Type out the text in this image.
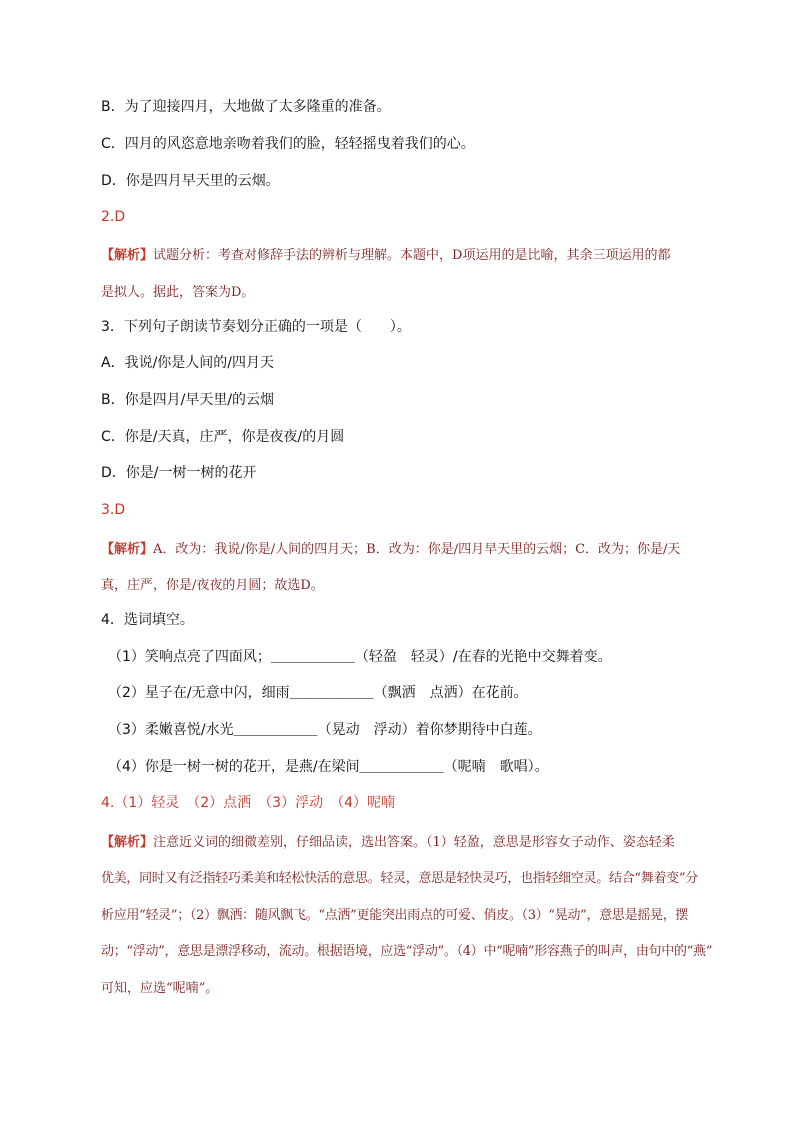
B．为了迎接四月，大地做了太多隆重的准备。
C．四月的风恣意地亲吻着我们的脸，轻轻摇曳着我们的心。
D．你是四月早天里的云烟。
2.D
【解析】试题分析：考查对修辞手法的辨析与理解。本题中，D项运用的是比喻，其余三项运用的都
是拟人。据此，答案为D。
3．下列句子朗读节奏划分正确的一项是（　　）。
A．我说/你是人间的/四月天
B．你是四月/早天里/的云烟
C．你是/天真，庄严，你是夜夜/的月圆
D．你是/一树一树的花开
3.D
【解析】A．改为：我说/你是/人间的四月天；B．改为：你是/四月早天里的云烟；C．改为；你是/天
真，庄严，你是/夜夜的月圆；故选D。
4．选词填空。
（1）笑响点亮了四面风；＿＿＿＿＿＿（轻盈　轻灵）/在春的光艳中交舞着变。
（2）星子在/无意中闪，细雨＿＿＿＿＿＿（飘洒　点洒）在花前。
（3）柔嫩喜悦/水光＿＿＿＿＿＿（晃动　浮动）着你梦期待中白莲。
（4）你是一树一树的花开，是燕/在梁间＿＿＿＿＿＿（呢喃　歌唱）。
4.（1）轻灵　（2）点洒　（3）浮动　（4）呢喃
【解析】注意近义词的细微差别，仔细品读，选出答案。（1）轻盈，意思是形容女子动作、姿态轻柔
优美，同时又有泛指轻巧柔美和轻松快活的意思。轻灵，意思是轻快灵巧，也指轻细空灵。结合“舞着变”分
析应用“轻灵”；（2）飘洒：随风飘飞。“点洒”更能突出雨点的可爱、俏皮。（3）“晃动”，意思是摇晃，摆
动；“浮动”，意思是漂浮移动，流动。根据语境，应选“浮动”。（4）中“呢喃”形容燕子的叫声，由句中的“燕”
可知，应选“呢喃”。
